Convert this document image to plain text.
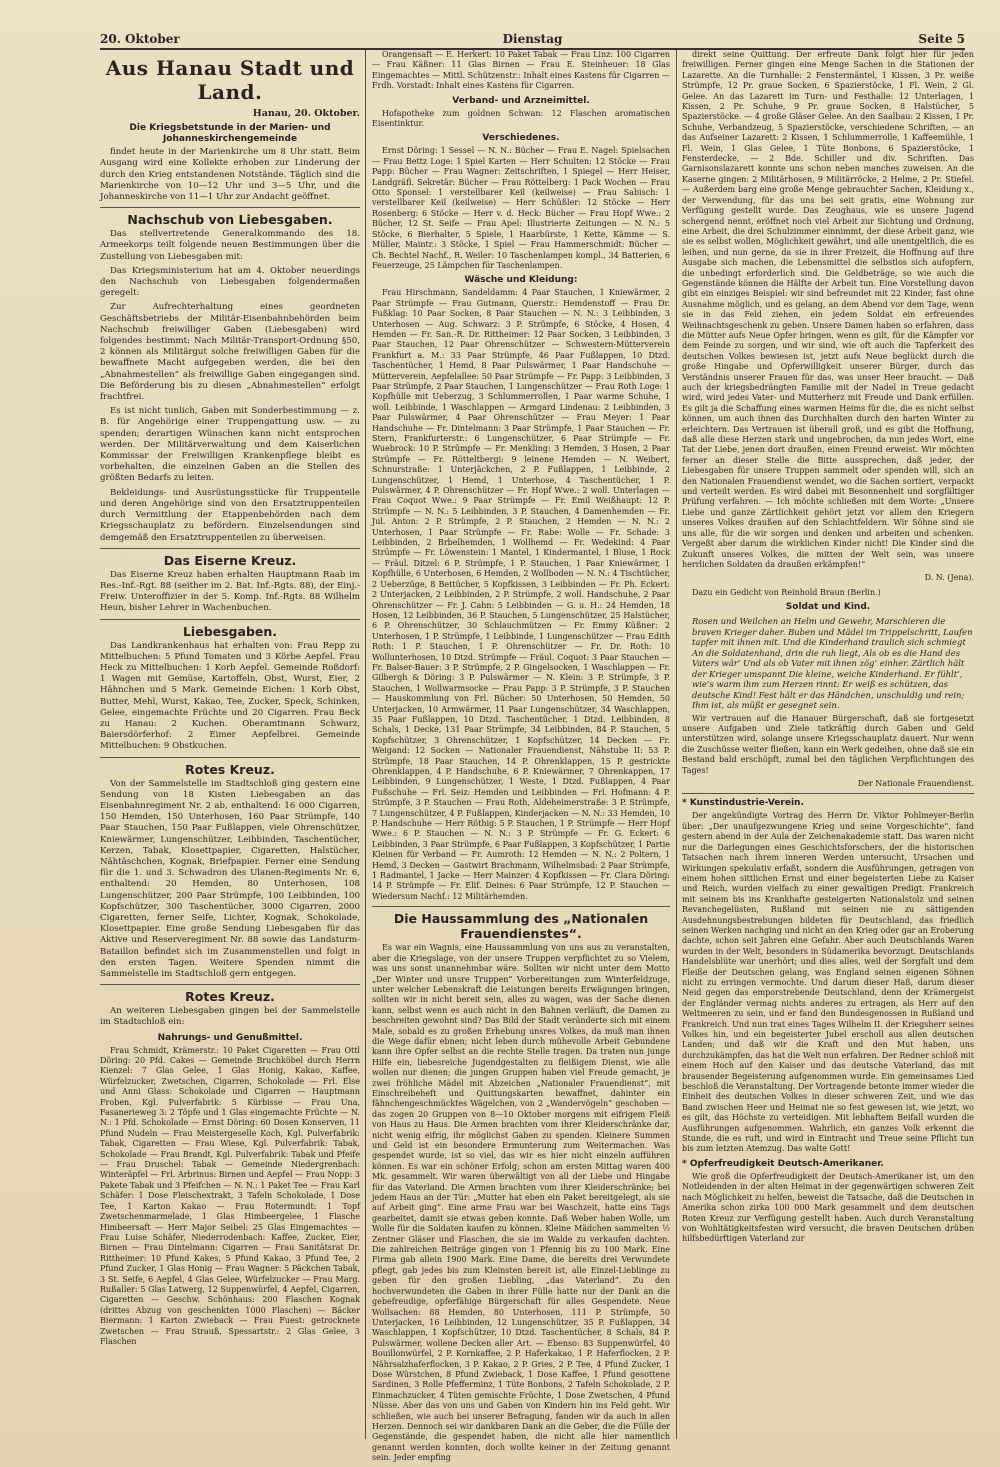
20. Oktober	Dienstag	Seite 5
Aus Hanau Stadt und Land.
Hanau, 20. Oktober.
Die Kriegsbetstunde in der Marien- und Johanneskirchengemeinde

findet heute in der Marienkirche um 8 Uhr statt. Beim Ausgang wird eine Kollekte erhoben zur Linderung der durch den Krieg entstandenen Notstände. Täglich sind die Marienkirche von 10—12 Uhr und 3—5 Uhr, und die Johanneskirche von 11—1 Uhr zur Andacht geöffnet.

Nachschub von Liebesgaben.

Das stellvertretende Generalkommando des 18. Armeekorps teilt folgende neuen Bestimmungen über die Zustellung von Liebesgaben mit:

Das Kriegsministerium hat am 4. Oktober neuerdings den Nachschub von Liebesgaben folgendermaßen geregelt:

Zur Aufrechterhaltung eines geordneten Geschäftsbetriebs der Militär-Eisenbahnbehörden beim Nachschub freiwilliger Gaben (Liebesgaben) wird folgendes bestimmt: Nach Militär-Transport-Ordnung §50, 2 können als Militärgut solche freiwilligen Gaben für die bewaffnete Macht aufgegeben werden, die bei den „Abnahmestellen“ als freiwillige Gaben eingegangen sind. Die Beförderung bis zu diesen „Abnahmestellen“ erfolgt frachtfrei.

Es ist nicht tunlich, Gaben mit Sonderbestimmung — z. B. für Angehörige einer Truppengattung usw. — zu spenden; derartigen Wünschen kann nicht entsprochen werden. Der Militärverwaltung und dem Kaiserlichen Kommissar der Freiwilligen Krankenpflege bleibt es vorbehalten, die einzelnen Gaben an die Stellen des größten Bedarfs zu leiten.

Bekleidungs- und Ausrüstungsstücke für Truppenteile und deren Angehörige sind von den Ersatztruppenteilen durch Vermittlung der Etappenbehörden nach dem Kriegsschauplatz zu befördern. Einzelsendungen sind demgemäß den Ersatztruppenteilen zu überweisen.

Das Eiserne Kreuz.

Das Eiserne Kreuz haben erhalten Hauptmann Raab im Res.-Inf.-Rgt. 88 (seither im 2. Bat. Inf.-Rgts. 88), der Einj.-Freiw. Unteroffizier in der 5. Komp. Inf.-Rgts. 88 Wilhelm Heun, bisher Lehrer in Wachenbuchen.

Liebesgaben.

Das Landkrankenhaus hat erhalten von: Frau Repp zu Mittelbuchen: 5 Pfund Tomaten und 3 Körbe Aepfel. Frau Heck zu Mittelbuchen: 1 Korb Aepfel. Gemeinde Roßdorf: 1 Wagen mit Gemüse, Kartoffeln, Obst, Wurst, Eier, 2 Hähnchen und 5 Mark. Gemeinde Eichen: 1 Korb Obst, Butter, Mehl, Wurst, Kakao, Tee, Zucker, Speck, Schinken, Gelee, eingemachte Früchte und 20 Cigarren. Frau Beck zu Hanau: 2 Kuchen. Oberamtmann Schwarz, Baiersdörferhof: 2 Eimer Aepfelbrei. Gemeinde Mittelbuchen: 9 Obstkuchen.

Rotes Kreuz.

Von der Sammelstelle im Stadtschloß ging gestern eine Sendung von 18 Kisten Liebesgaben an das Eisenbahnregiment Nr. 2 ab, enthaltend: 16 000 Cigarren, 150 Hemden, 150 Unterhosen, 160 Paar Strümpfe, 140 Paar Stauchen, 150 Paar Fußlappen, viele Ohrenschützer, Kniewärmer, Lungenschützer, Leibbinden, Taschentücher, Kerzen, Tabak, Klosettpapier, Cigaretten, Halstücher, Nähtäschchen, Kognak, Briefpapier. Ferner eine Sendung für die 1. und 3. Schwadron des Ulanen-Regiments Nr. 6, enthaltend: 20 Hemden, 80 Unterhosen, 108 Lungenschützer, 200 Paar Strümpfe, 100 Leibbinden, 100 Kopfschützer, 300 Taschentücher, 3000 Cigarren, 2000 Cigaretten, ferner Seife, Lichter, Kognak, Schokolade, Klosettpapier. Eine große Sendung Liebesgaben für das Aktive und Reserveregiment Nr. 88 sowie das Landsturm-Bataillon befindet sich im Zusammenstellen und folgt in den ersten Tagen. Weitere Spenden nimmt die Sammelstelle im Stadtschloß gern entgegen.

Rotes Kreuz.

An weiteren Liebesgaben gingen bei der Sammelstelle im Stadtschloß ein:

Nahrungs- und Genußmittel.

Frau Schmidt, Krämerstr.: 10 Paket Cigaretten — Frau Ottl Döring: 20 Pfd. Cakes — Gemeinde Bruchköbel durch Herrn Kienzel: 7 Glas Gelee, 1 Glas Honig, Kakao, Kaffee, Würfelzucker, Zwetschen, Cigarren, Schokolade — Frl. Else und Anni Glass: Schokolade und Cigarren — Hauptmann Froben, Kgl. Pulverfabrik: 5 Kürbisse — Frau Una, Fasanerieweg 3: 2 Töpfe und 1 Glas eingemachte Früchte — N. N.: 1 Pfd. Schokolade — Ernst Döring: 60 Dosen Konserven, 11 Pfund Nudeln — Frau Meistergeselle Koch, Kgl. Pulverfabrik: Tabak, Cigaretten — Frau Wiese, Kgl. Pulverfabrik: Tabak, Schokolade — Frau Brandt, Kgl. Pulverfabrik: Tabak und Pfeife — Frau Druschel: Tabak — Gemeinde Niedergrenbach: Winteräpfel — Frl. Arbrinus: Birnen und Aepfel — Frau Nopp: 3 Pakete Tabak und 3 Pfeifchen — N. N.: 1 Paket Tee — Frau Karl Schäfer: 1 Dose Fleischextrakt, 3 Tafeln Schokolade, 1 Dose Tee, 1 Karton Kakao — Frau Rotermundt: 1 Topf Zwetschenmarmelade, 1 Glas Himbeergelee, 1 Flasche Himbeersaft — Herr Major Seibel: 25 Glas Eingemachtes — Frau Luise Schäfer, Niederrodenbach: Kaffee, Zucker, Eier, Birnen — Frau Dintelmann: Cigarren — Frau Sanitätsrat Dr. Rittheimer: 10 Pfund Kakes, 5 Pfund Kakao, 3 Pfund Tee, 2 Pfund Zucker, 1 Glas Honig — Frau Wagner: 5 Päckchen Tabak, 3 St. Seife, 6 Aepfel, 4 Glas Gelee, Würfelzucker — Frau Marg. Rußaller: 5 Glas Latwerg, 12 Suppenwürfel, 4 Aepfel, Cigarren, Cigaretten — Geschw. Schönhaus: 200 Flaschen Kognak (drittes Abzug von geschenkten 1000 Flaschen) — Bäcker Biermann: 1 Karton Zwieback — Frau Fuest: getrocknete Zwetschen — Frau Strauß, Spessartstr.: 2 Glas Gelee, 3 Flaschen

Orangensaft — E. Herkert: 10 Paket Tabak — Frau Linz: 100 Cigarren — Frau Käßner: 11 Glas Birnen — Frau E. Steinheuer: 18 Glas Eingemachtes — Mittl. Schützenstr.: Inhalt eines Kastens für Cigarren — Frdh. Vorstadt: Inhalt eines Kastens für Cigarren.

Verband- und Arzneimittel.

Hofapotheke zum goldnen Schwan: 12 Flaschen aromatischen Eisentinktur.

Verschiedenes.

Ernst Döring: 1 Sessel — N. N.: Bücher — Frau E. Nagel: Spielsachen — Frau Bettz Loge: 1 Spiel Karten — Herr Schulten: 12 Stöcke — Frau Papp: Bücher — Frau Wagner: Zeitschriften, 1 Spiegel — Herr Heiser, Landgräfl. Sekretär: Bücher — Frau Röttelberg: 1 Pack Wochen — Frau Otto Sponsel: 1 verstellbarer Keil (keilweise) — Frau Sabisch: 1 verstellbarer Keil (keilweise) — Herr Schüßler: 12 Stöcke — Herr Rosenberg: 6 Stöcke — Herr v. d. Heck: Bücher — Frau Hopf Wwe.: 2 Bücher, 12 St. Seife — Frau Apel: Illustrierte Zeitungen — N. N.: 5 Stöcke, 6 Bierhalter, 5 Spiele, 1 Haarbürste, 1 Kette, Kämme — S. Müller, Maintr.: 3 Stöcke, 1 Spiel — Frau Hammerschmidt: Bücher — Ch. Bechtel Nachf., R. Weiler: 10 Taschenlampen kompl., 34 Batterien, 6 Feuerzeuge, 25 Lämpchen für Taschenlampen.

Wäsche und Kleidung:

Frau Hirschmann, Sandeldamm: 4 Paar Stauchen, 1 Kniewärmer, 2 Paar Strümpfe — Frau Gutmann, Querstr.: Hemdenstoff — Frau Dr. Fußklag: 10 Paar Socken, 8 Paar Stauchen — N. N.: 3 Leibbinden, 3 Unterhosen — Aug. Schwarz: 3 P. Strümpfe, 6 Stöcke, 4 Hosen, 4 Hemden — Fr. San.-R. Dr. Rittheimer: 12 Paar Socken, 3 Leibbinden, 3 Paar Stauchen, 12 Paar Ohrenschützer — Schwestern-Mütterverein Frankfurt a. M.: 33 Paar Strümpfe, 46 Paar Fußlappen, 10 Dtzd. Taschentücher, 1 Hemd, 8 Paar Pulswärmer, 1 Paar Handschuhe — Mütterverein, Aepfelallee: 50 Paar Strümpfe — Fr. Papp: 3 Leibbinden, 3 Paar Strümpfe, 2 Paar Stauchen, 1 Lungenschützer — Frau Roth Loge: 1 Kopfhülle mit Ueberzug, 3 Schlummerrollen, 1 Paar warme Schuhe, 1 woll. Leibbinde, 1 Waschlappen — Armgard Lindenau: 2 Leibbinden, 3 Paar Pulswärmer, 4 Paar Ohrenschützer — Frau Meyer: 1 Paar Handschuhe — Fr. Dintelmann: 3 Paar Strümpfe, 1 Paar Stauchen — Fr. Stern, Frankfurterstr.: 6 Lungenschützer, 6 Paar Strümpfe — Fr. Wuebrock: 10 P. Strümpfe — Fr. Menkling: 3 Hemden, 3 Hosen, 2 Paar Strümpfe — Fr. Rötteltbergi: 9 leinene Hemden — N. Weibert, Schnurstraße: 1 Unterjäckchen, 2 P. Fußlappen, 1 Leibbinde, 2 Lungenschützer, 1 Hemd, 1 Unterhose, 4 Taschentücher, 1 P. Pulswärmer, 4 P. Ohrenschützer — Fr. Hopf Wwe.: 2 woll. Unterlagen — Frau Coquot Wwe.: 9 Paar Strümpfe — Fr. Emil Weißhaupt: 12 P. Strümpfe — N. N.: 5 Leibbinden, 3 P. Stauchen, 4 Damenhemden — Fr. Jul. Anton: 2 P. Strümpfe, 2 P. Stauchen, 2 Hemden — N. N.: 2 Unterhosen, 1 Paar Strümpfe — Fr. Rabe: Wolle — Fr. Schade: 3 Leibbinden, 2 Brbelhemden, 1 Wollhemd — Fr. Wedekind: 4 Paar Strümpfe — Fr. Löwenstein: 1 Mantel, 1 Kindermantel, 1 Bluse, 1 Rock — Fräul. Ditzel: 6 P. Strümpfe, 1 P. Stauchen, 1 Paar Kniewärmer, 1 Kopfhülle, 6 Unterhosen, 6 Hemden, 2 Wollboden — N. N.: 4 Tischtücher, 2 Ueberzüge, 8 Bettücher, 5 Kopfkissen, 3 Leibbinden — Fr. Ph. Eckert: 2 Unterjacken, 2 Leibbinden, 2 P. Strümpfe, 2 woll. Handschuhe, 2 Paar Ohrenschützer — Fr. J. Cahn: 5 Leibbinden — G. u. H.: 24 Hemden, 18 Hosen, 12 Leibbinden, 36 P. Stauchen, 5 Lungenschützer, 25 Halstücher, 6 P. Ohrenschützer, 30 Schlauchmützen — Fr. Emmy Küßner: 2 Unterhosen, 1 P. Strümpfe, 1 Leibbinde, 1 Lungenschützer — Frau Edith Roth: 1 P. Stauchen, 1 P. Ohrenschützer — Fr. Dr. Roth: 10 Wollunterhosen, 10 Dtzd. Strümpfe — Fräul. Coquot: 3 Paar Stauchen — Fr. Balser-Bauer: 3 P. Strümpfe, 2 P. Gingelsocken, 1 Waschlappen — Fr. Gilbergh & Döring: 3 P. Pulswärmer — N. Klein: 3 P. Strümpfe, 3 P. Stauchen, 1 Wollwarmsocke — Frau Papp: 3 P. Strümpfe, 3 P. Stauchen — Hauskommlung von Frl. Bücher: 50 Unterhosen, 50 Hemden, 50 Unterjacken, 10 Armwärmer, 11 Paar Lungenschützer, 34 Waschlappen, 35 Paar Fußlappen, 10 Dtzd. Taschentücher, 1 Dtzd. Leibbinden, 8 Schals, 1 Decke, 131 Paar Strümpfe, 34 Leibbinden, 84 P. Stauchen, 5 Kopfschützer, 3 Ohrenschützer, 1 Kopfschützer, 14 Decken — Fr. Weigand: 12 Socken — Nationaler Frauendienst, Nähstube II: 53 P. Strümpfe, 18 Paar Stauchen, 14 P. Ohrenklappen, 15 P. gestrickte Ohrenklappen, 4 P. Handschuhe, 6 P. Kniewärmer, 7 Ohrenkappen, 17 Leibbinden, 9 Lungenschützer, 1 Weste, 1 Dtzd. Fußlappen, 4 Paar Fußschuhe — Frl. Seiz: Hemden und Leibbinden — Frl. Hofmann: 4 P. Strümpfe, 3 P. Stauchen — Frau Roth, Aldeheimerstraße: 3 P. Strümpfe, 7 Lungenschützer, 4 P. Fußlappen, Kinderjacken — N. N.: 33 Hemden, 10 P. Handschuhe — Herr Röthig: 5 P. Stauchen, 1 P. Strümpfe — Herr Hopf Wwe.: 6 P. Stauchen — N. N.: 3 P. Strümpfe — Fr. G. Eckert: 6 Leibbinden, 3 Paar Strümpfe, 6 Paar Fußlappen, 3 Kopfschützer, 1 Partie Kleinen für Verband — Fr. Aumroth: 12 Hemden — N. N.: 2 Poltern, 1 Hemd, 3 Decken — Gastwirt Brachmann, Wilhelmsbad: 2 Paar Strümpfe, 1 Radmantel, 1 Jacke — Herr Mainzer: 4 Kopfkissen — Fr. Clara Döring: 14 P. Strümpfe — Fr. Elif. Deines: 6 Paar Strümpfe, 12 P. Stauchen — Wiedersum Nachf.: 12 Militärhemden.

Die Haussammlung des „Nationalen Frauendienstes“.

Es war ein Wagnis, eine Haussammlung von uns aus zu veranstalten, aber die Kriegslage, von der unsere Truppen verpflichtet zu so Vielem, was uns sonst unannehmbar wäre. Sollten wir nicht unter dem Motto „Der Winter und unsre Truppen“ Vorbereitungen zum Winterfeldzuge, unter welcher Lebenskraft die Leistungen bereits Erwägungen bringen, sollten wir in nicht bereit sein, alles zu wagen, was der Sache dienen kann, selbst wenn es auch nicht in den Bahnen verläuft, die Damen zu beschreiten gewohnt sind? Das Bild der Stadt veränderte sich mit einem Male, sobald es zu großen Erhebung unsres Volkes, da muß man ihnen die Wege dafür ebnen; nicht leben durch mühevolle Arbeit Gebundene kann ihre Opfer selbst an die rechte Stelle tragen. Da traten nun junge Hilfe ein, liebesreiche Jugendgestalten zu fleißigem Dienst, wie alle wollen nur dienen; die jungen Gruppen haben viel Freude gemacht, je zwei fröhliche Mädel mit Abzeichen „Nationaler Frauendienst“, mit Einschreibeheft und Quittungskarten bewaffnet, dahinter ein fähnchengeschmücktes Wägelchen, von 2 „Wandervögeln“ geschoben — das zogen 20 Gruppen von 8—10 Oktober morgens mit eifrigem Fleiß von Haus zu Haus. Die Armen brachten vom ihrer Kleiderschränke dar, nicht wenig eifrig, ihr möglichst Gaben zu spenden. Kleinere Summen und Geld ist ein besondere Ermunterung zum Weitermachen. Was gespendet wurde, ist so viel, das wir es hier nicht einzeln aufführen können. Es war ein schöner Erfolg; schon am ersten Mittag waren 400 Mk. gesammelt. Wir waren überwältigt von all der Liebe und Hingabe für das Vaterland. Die Armen brachten vom ihrer Kleiderschränke; bei jedem Haus an der Tür: „Mutter hat eben ein Paket bereitgelegt, als sie auf Arbeit ging“. Eine arme Frau war bei Waschzeit, hatte eins Tags gearbeitet, damit sie etwas geben konnte. Daß Weber haben Wolle, um Wolle für die Soldaten kaufen zu können. Kleine Mädchen sammelten ½ Zentner Gläser und Flaschen, die sie im Walde zu verkaufen dachten. Die zahlreichen Beiträge gingen von 1 Pfennig bis zu 100 Mark. Eine Firma gab allein 1900 Mark. Eine Dame, die bereits drei Verwundete pflegt, gab jedes bis zum Kleinsten bereit ist, alle Einzel-Lieblinge zu geben für den großen Liebling, „das Vaterland“. Zu den hochverwundeten die Gaben in ihrer Fülle hatte nur der Dank an die gebefreudige, opferfähige Bürgerschaft für alles Gespendete. Neue Wollsachen: 88 Hemden, 80 Unterhosen, 111 P. Strümpfe, 50 Unterjacken, 16 Leibbinden, 12 Lungenschützer, 35 P. Fußlappen, 34 Waschlappen, 1 Kopfschützer, 10 Dtzd. Taschentücher, 8 Schals, 84 P. Pulswärmer, wollene Decken aller Art. — Ebenso: 83 Suppenwürfel, 40 Bouillonwürfel, 2 P. Kornkaffee, 2 P. Haferkakao, 1 P. Haferflocken, 2 P. Nährsalzhaferflocken, 3 P. Kakao, 2 P. Gries, 2 P. Tee, 4 Pfund Zucker, 1 Dose Würstchen, 8 Pfund Zwieback, 1 Dose Kaffee, 1 Pfund gesottene Sardinen, 3 Rolle Pfefferminz, 1 Tüte Bonbons, 2 Tafeln Schokolade, 2 P. Einmachzucker, 4 Tüten gemischte Früchte, 1 Dose Zwetschen, 4 Pfund Nüsse. Aber das von uns und Gaben von Kindern hin ins Feld geht. Wir schließen, wie auch bei unserer Befragung, fanden wir da auch in allen Herzen. Dennoch sei wir dankbaren Dank an die Geber, die die Fülle der Gegenstände, die gespendet haben, die nicht alle hier namentlich genannt werden konnten, doch wollte keiner in der Zeitung genannt sein. Jeder empfing

direkt seine Quittung. Der erfreute Dank folgt hier für jeden freiwilligen. Ferner gingen eine Menge Sachen in die Stationen der Lazarette. An die Turnhalle: 2 Fenstermäntel, 1 Kissen, 3 Pr. weiße Strümpfe, 12 Pr. graue Socken, 6 Spazierstöcke, 1 Fl. Wein, 2 Gl. Gelee. An das Lazarett im Turn- und Festhalle: 12 Unterlagen, 1 Kissen, 2 Pr. Schuhe, 9 Pr. graue Socken, 8 Halstücher, 5 Spazierstöcke. — 4 große Gläser Gelee. An den Saalbau: 2 Kissen, 1 Pr. Schuhe, Verbandzeug, 5 Spazierstöcke, verschiedene Schriften, — an das Aufseiner Lazarett: 2 Kissen, 1 Schlummerrolle, 1 Kaffeemühle, 1 Fl. Wein, 1 Glas Gelee, 1 Tüte Bonbons, 6 Spazierstöcke, 1 Fensterdecke, — 2 Bde. Schiller und div. Schriften. Das Garnisonslazarett konnte uns schon neben manches zuweisen. An die Kaserne gingen: 2 Militärhosen, 9 Militärröcke, 2 Helme, 2 Pr. Stiefel. — Außerdem barg eine große Menge gebrauchter Sachen, Kleidung x., der Verwendung, für das uns bei seit gratis, eine Wohnung zur Verfügung gestellt wurde. Das Zeughaus, wie es unsere Jugend schergend nennt, eröffnet noch viel Arbeit zur Sichtung und Ordnung, eine Arbeit, die drei Schulzimmer einnimmt, der diese Arbeit ganz, wie sie es selbst wollen, Möglichkeit gewährt, und alle unentgeltlich, die es leihen, und nun gerne, da sie in ihrer Freizeit, die Hoffnung auf ihre Ausgabe sich machen, die Lebensmittel die selbstlos sich aufopfern, die unbedingt erforderlich sind. Die Geldbeträge, so wie auch die Gegenstände können die Hälfte der Arbeit tun. Eine Vorstellung davon gibt ein einziges Beispiel: wir sind befreundet mit 22 Kinder, fast ohne Ausnahme möglich, und es gelang, an dem Abend vor dem Tage, wenn sie in das Feld ziehen, ein jedem Soldat ein erfreuendes Weihnachtsgeschenk zu geben. Unsere Damen haben so erfahren, dass die Mütter aufs Neue Opfer bringen, wenn es gilt, für die Kämpfer vor dem Feinde zu sorgen, und wir sind, wie oft auch die Tapferkeit des deutschen Volkes bewiesen ist, jetzt aufs Neue beglückt durch die große Hingabe und Opferwilligkeit unserer Bürger, durch das Verständnis unserer Frauen für das, was unser Heer braucht. — Daß auch der kriegsbedrängten Familie mit der Nadel in Treue gedacht wird, wird jedes Vater- und Mutterherz mit Freude und Dank erfüllen. Es gilt ja die Schaffung eines warmen Heims für die, die es nicht selbst können, um auch ihnen das Durchhalten durch den harten Winter zu erleichtern. Das Vertrauen ist überall groß, und es gibt die Hoffnung, daß alle diese Herzen stark und ungebrochen, da nun jedes Wort, eine Tat der Liebe, jenen dort draußen, einen Freund erweist. Wir möchten ferner an dieser Stelle die Bitte aussprechen, daß jeder, der Liebesgaben für unsere Truppen sammelt oder spenden will, sich an den Nationalen Frauendienst wendet, wo die Sachen sortiert, verpackt und verteilt werden. Es wird dabei mit Besonnenheit und sorgfältiger Prüfung verfahren. — Ich möchte schließen mit dem Worte: „Unsere Liebe und ganze Zärtlichkeit gehört jetzt vor allem den Kriegern unseres Volkes draußen auf den Schlachtfeldern. Wir Söhne sind sie uns alle, für die wir sorgen und denken und arbeiten und schenken. Vergeßt aber darum die wirklichen Kinder nicht! Die Kinder sind die Zukunft unseres Volkes, die mitten der Welt sein, was unsere herrlichen Soldaten da draußen erkämpfen!“

D. N. (Jena).

Dazu ein Gedicht von Reinhold Braun (Berlin.)

Soldat und Kind.

Rosen und Weilchen an Helm und Gewehr, Marschieren die braven Krieger daher. Buben und Mädel im Trippelschritt, Laufen tapfer mit ihnen mit. Und die Kinderhand traulich sich schmiegt An die Soldatenhand, drin die ruh liegt, Als ob es die Hand des Vaters wär’ Und als ob Vater mit ihnen zög’ einher. Zärtlich hält der Krieger umspannt Die kleine, weiche Kinderhand. Er fühlt’, wie’s warm ihm zum Herzen rinnt: Er weiß es schützen, das deutsche Kind! Fest hält er das Händchen, unschuldig und rein; Ihm ist, als müßt er gesegnet sein.

Wir vertrauen auf die Hanauer Bürgerschaft, daß sie fortgesetzt unsere Aufgaben und Ziele tatkräftig durch Gaben und Geld unterstützen wird, solange unsere Kriegsschauplatz dauert. Nur wenn die Zuschüsse weiter fließen, kann ein Werk gedeihen, ohne daß sie ein Bestand bald erschöpft, zumal bei den täglichen Verpflichtungen des Tages!

Der Nationale Frauendienst.
* Kunstindustrie-Verein.

Der angekündigte Vortrag des Herrn Dr. Viktor Pohlmeyer-Berlin über: „Der unaufgezwungene Krieg und seine Vorgeschichte“, fand gestern abend in der Aula der Zeichenakademie statt. Das waren nicht nur die Darlegungen eines Geschichtsforschers, der die historischen Tatsachen nach ihrem inneren Werden untersucht, Ursachen und Wirkungen spekulativ erfaßt, sondern die Ausführungen, getragen von einem hohen sittlichen Ernst und einer begeisterten Liebe zu Kaiser und Reich, wurden vielfach zu einer gewaltigen Predigt. Frankreich mit seinem bis ins Krankhafte gesteigerten Nationalstolz und seinen Revanchegelüsten, Rußland mit seinen nie zu sättigenden Ausdehnungsbestrebungen bildeten für Deutschland, das friedlich seinen Werken nachging und nicht an den Krieg oder gar an Eroberung dachte, schon seit Jahren eine Gefahr. Aber auch Deutschlands Waren wurden in der Welt, besonders in Südamerika bevorzugt. Deutschlands Handelsblüte war unerhört; und dies alles, weil der Sorgfalt und dem Fleiße der Deutschen gelang, was England seinen eigenen Söhnen nicht zu erringen vermochte. Und darum dieser Haß, darum dieser Neid gegen das emporstrebende Deutschland, denn der Krämergeist der Engländer vermag nichts anderes zu ertragen, als Herr auf den Weltmeeren zu sein, und er fand den Bundesgenossen in Rußland und Frankreich. Und nun trat eines Tages Wilhelm II. der Kriegsherr seines Volkes hin, und ein begeisterter Jubel erscholl aus allen deutschen Landen; und daß wir die Kraft und den Mut haben, uns durchzukämpfen, das hat die Welt nun erfahren. Der Redner schloß mit einem Hoch auf den Kaiser und das deutsche Vaterland, das mit brausender Begeisterung aufgenommen wurde. Ein gemeinsames Lied beschloß die Veranstaltung. Der Vortragende betonte immer wieder die Einheit des deutschen Volkes in dieser schweren Zeit, und wie das Band zwischen Heer und Heimat nie so fest gewesen ist, wie jetzt, wo es gilt, das Höchste zu verteidigen. Mit lebhaftem Beifall wurden die Ausführungen aufgenommen. Wahrlich, ein ganzes Volk erkennt die Stunde, die es ruft, und wird in Eintracht und Treue seine Pflicht tun bis zum letzten Atemzug. Das walte Gott!

* Opferfreudigkeit Deutsch-Amerikaner.

Wie groß die Opferfreudigkeit der Deutsch-Amerikaner ist, um den Notleidenden in der alten Heimat in der gegenwärtigen schweren Zeit nach Möglichkeit zu helfen, beweist die Tatsache, daß die Deutschen in Amerika schon zirka 100 000 Mark gesammelt und dem deutschen Roten Kreuz zur Verfügung gestellt haben. Auch durch Veranstaltung von Wohltätigkeitsfesten wird versucht, die braven Deutschen drüben hilfsbedürftigen Vaterland zur
